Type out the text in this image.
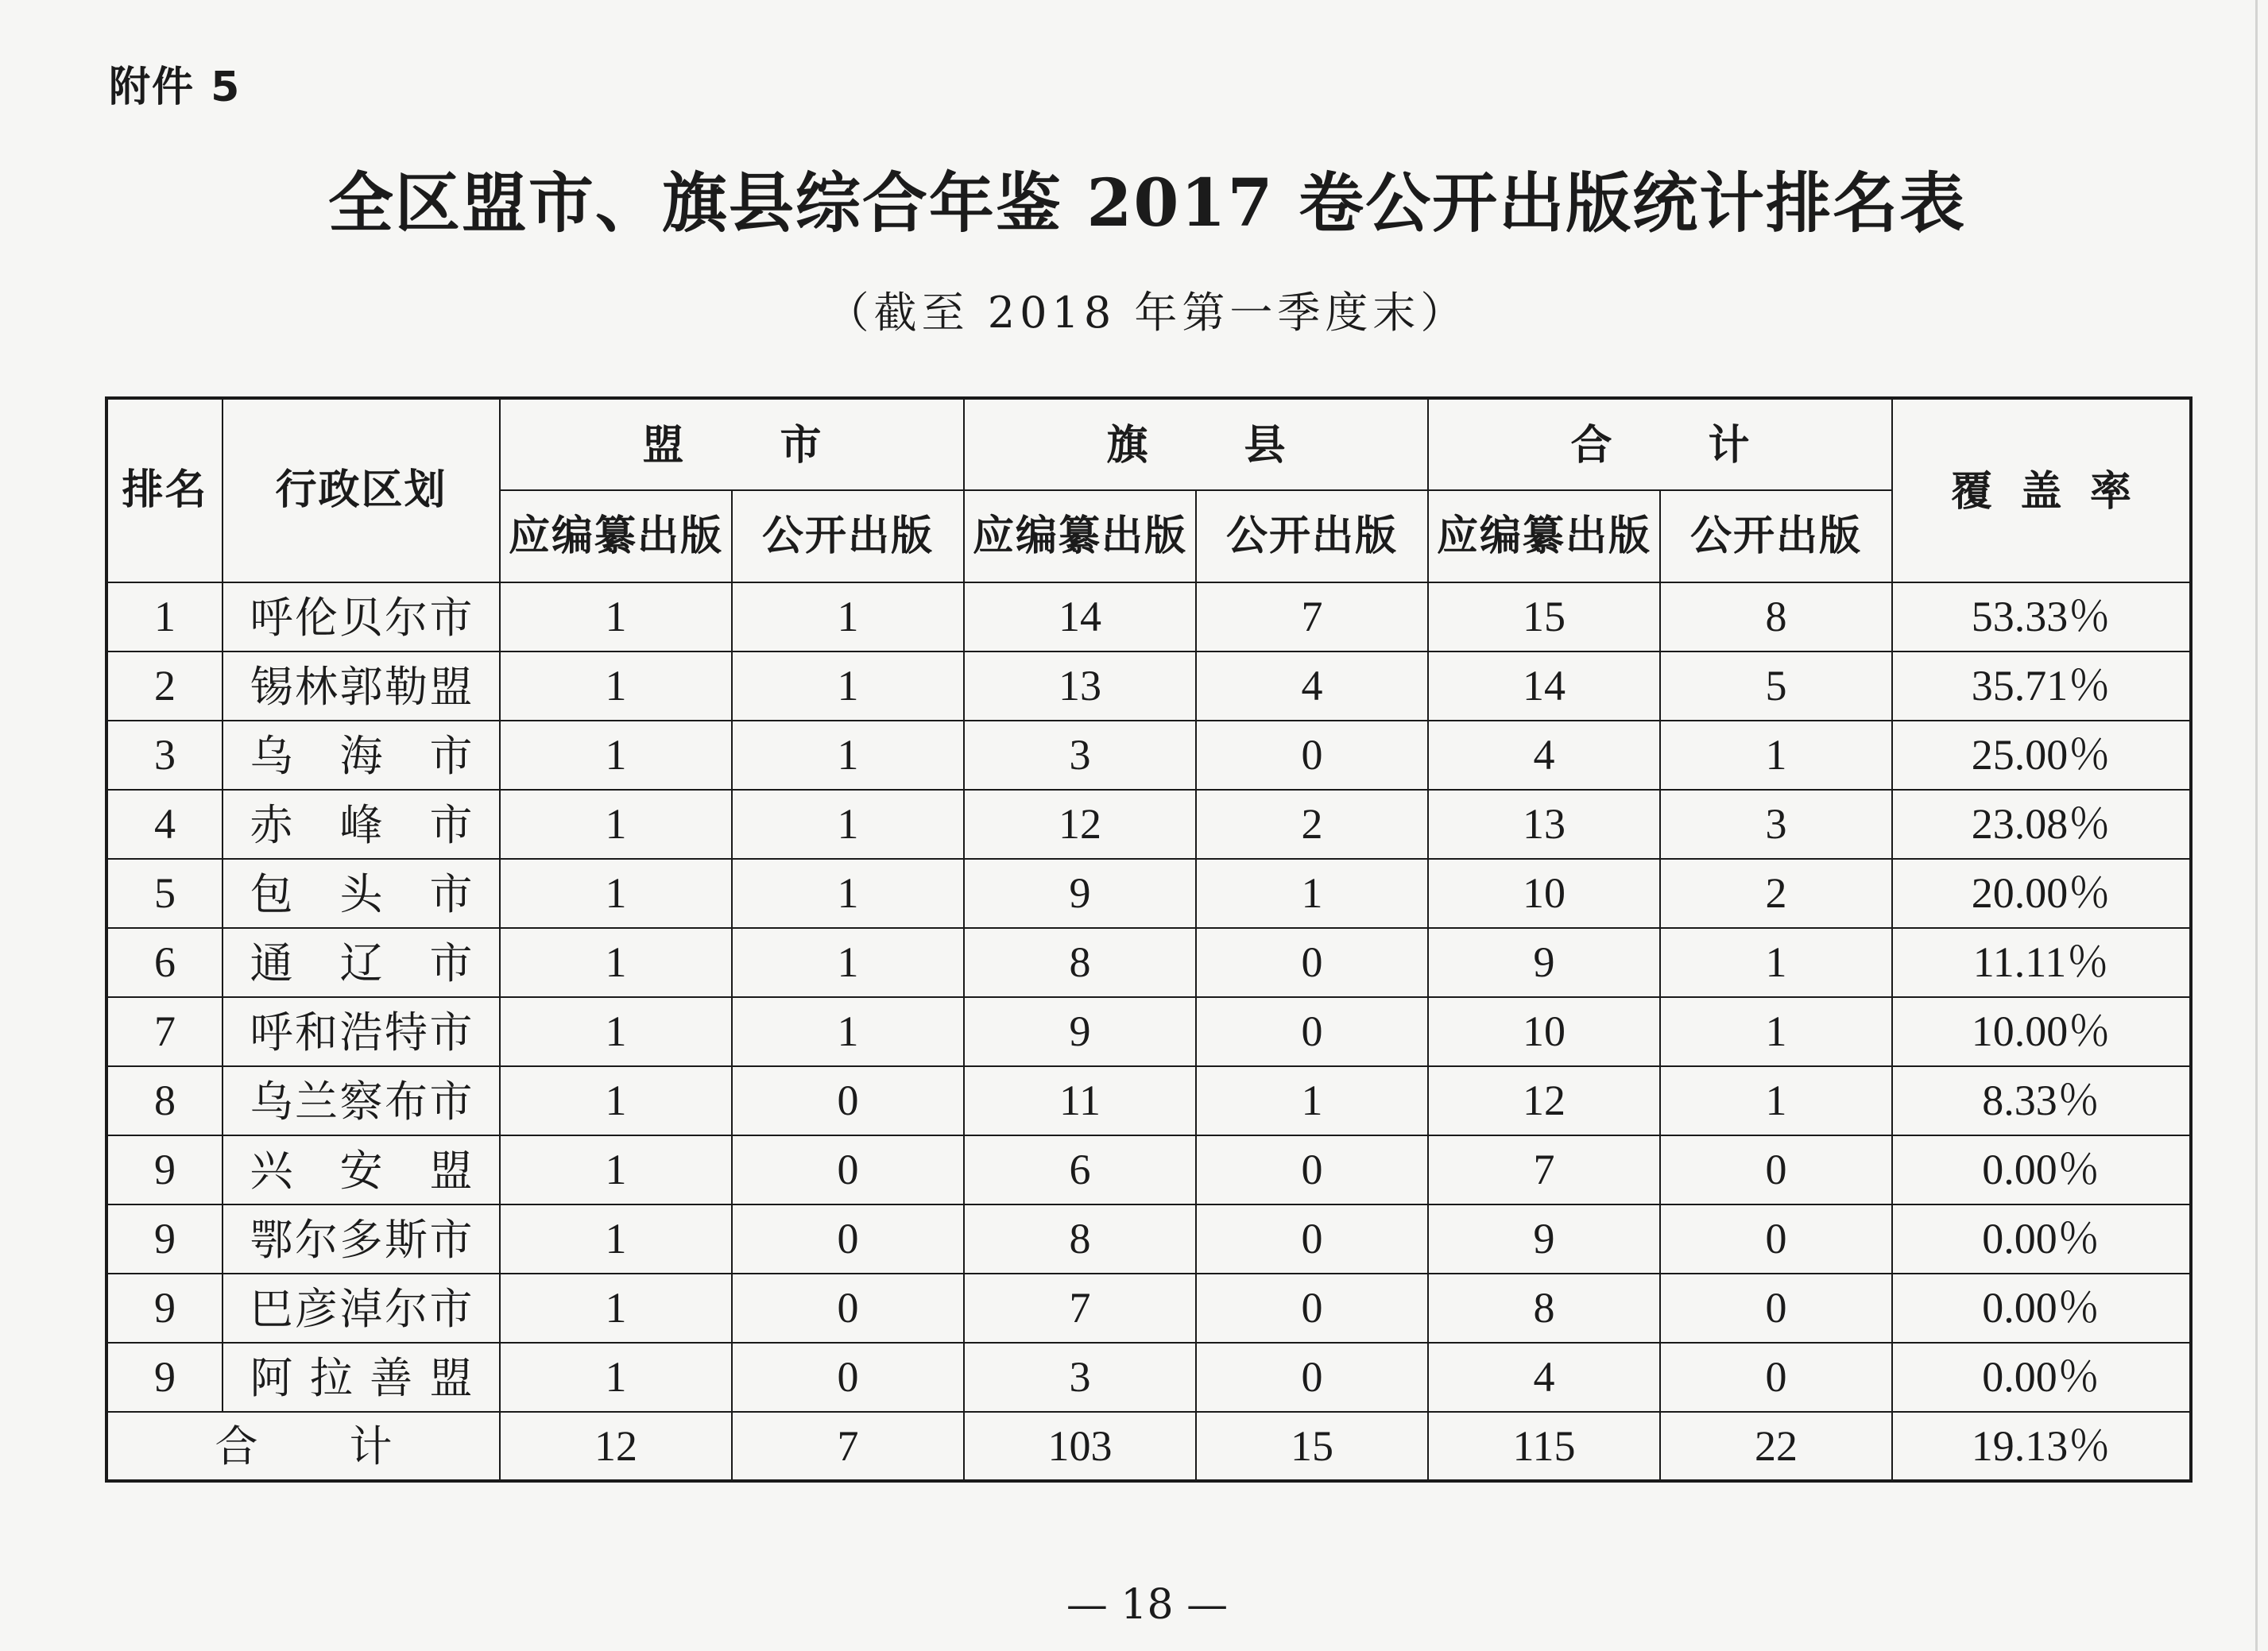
附件 5
全区盟市、旗县综合年鉴 2017 卷公开出版统计排名表
（截至 2018 年第一季度末）
排名	行政区划	盟 市		旗 县		合 计		覆 盖 率
		应编纂出版	公开出版	应编纂出版	公开出版	应编纂出版	公开出版	
1	呼伦贝尔市	1	1	14	7	15	8	53.33％
2	锡林郭勒盟	1	1	13	4	14	5	35.71％
3	乌 海 市	1	1	3	0	4	1	25.00％
4	赤 峰 市	1	1	12	2	13	3	23.08％
5	包 头 市	1	1	9	1	10	2	20.00％
6	通 辽 市	1	1	8	0	9	1	11.11％
7	呼和浩特市	1	1	9	0	10	1	10.00％
8	乌兰察布市	1	0	11	1	12	1	8.33％
9	兴 安 盟	1	0	6	0	7	0	0.00％
9	鄂尔多斯市	1	0	8	0	9	0	0.00％
9	巴彦淖尔市	1	0	7	0	8	0	0.00％
9	阿 拉 善 盟	1	0	3	0	4	0	0.00％
合 计		12	7	103	15	115	22	19.13％
— 18 —
